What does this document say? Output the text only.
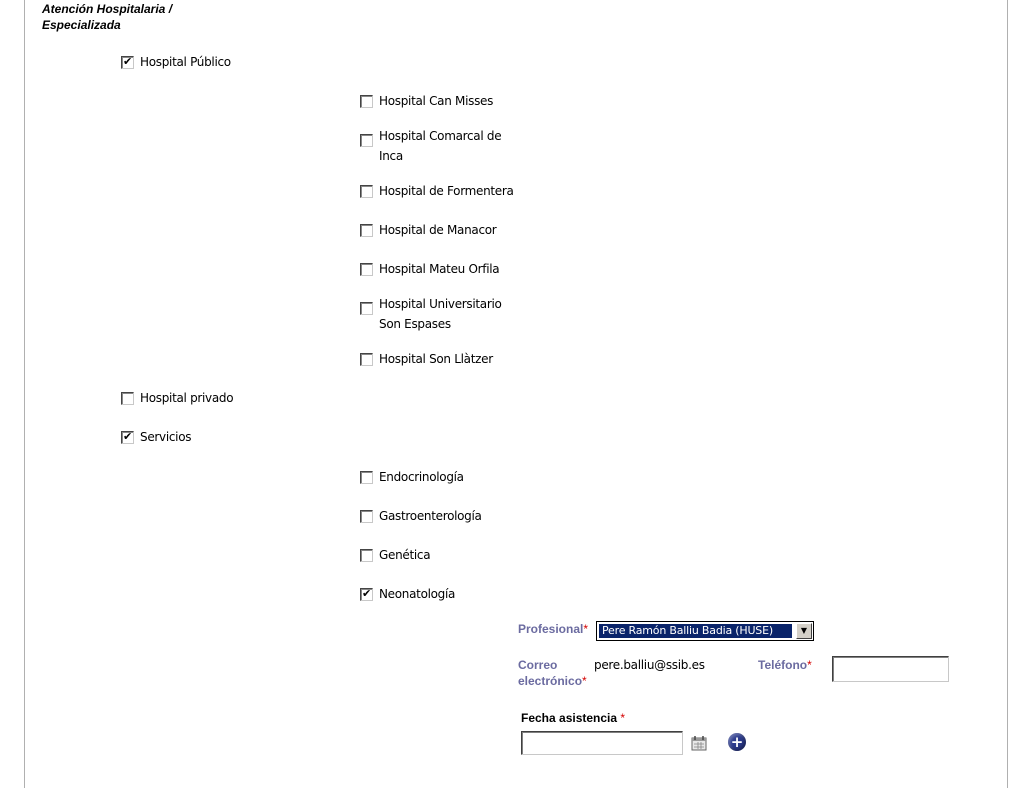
Atención Hospitalaria / Especializada
✔
Hospital Público
Hospital Can Misses
Hospital Comarcal de Inca
Hospital de Formentera
Hospital de Manacor
Hospital Mateu Orfila
Hospital Universitario Son Espases
Hospital Son Llàtzer
Hospital privado
✔
Servicios
Endocrinología
Gastroenterología
Genética
✔
Neonatología
Profesional* Pere Ramón Balliu Badia (HUSE)	▼
Correo
electrónico*
pere.balliu@ssib.es	Teléfono*
Fecha asistencia *
+
